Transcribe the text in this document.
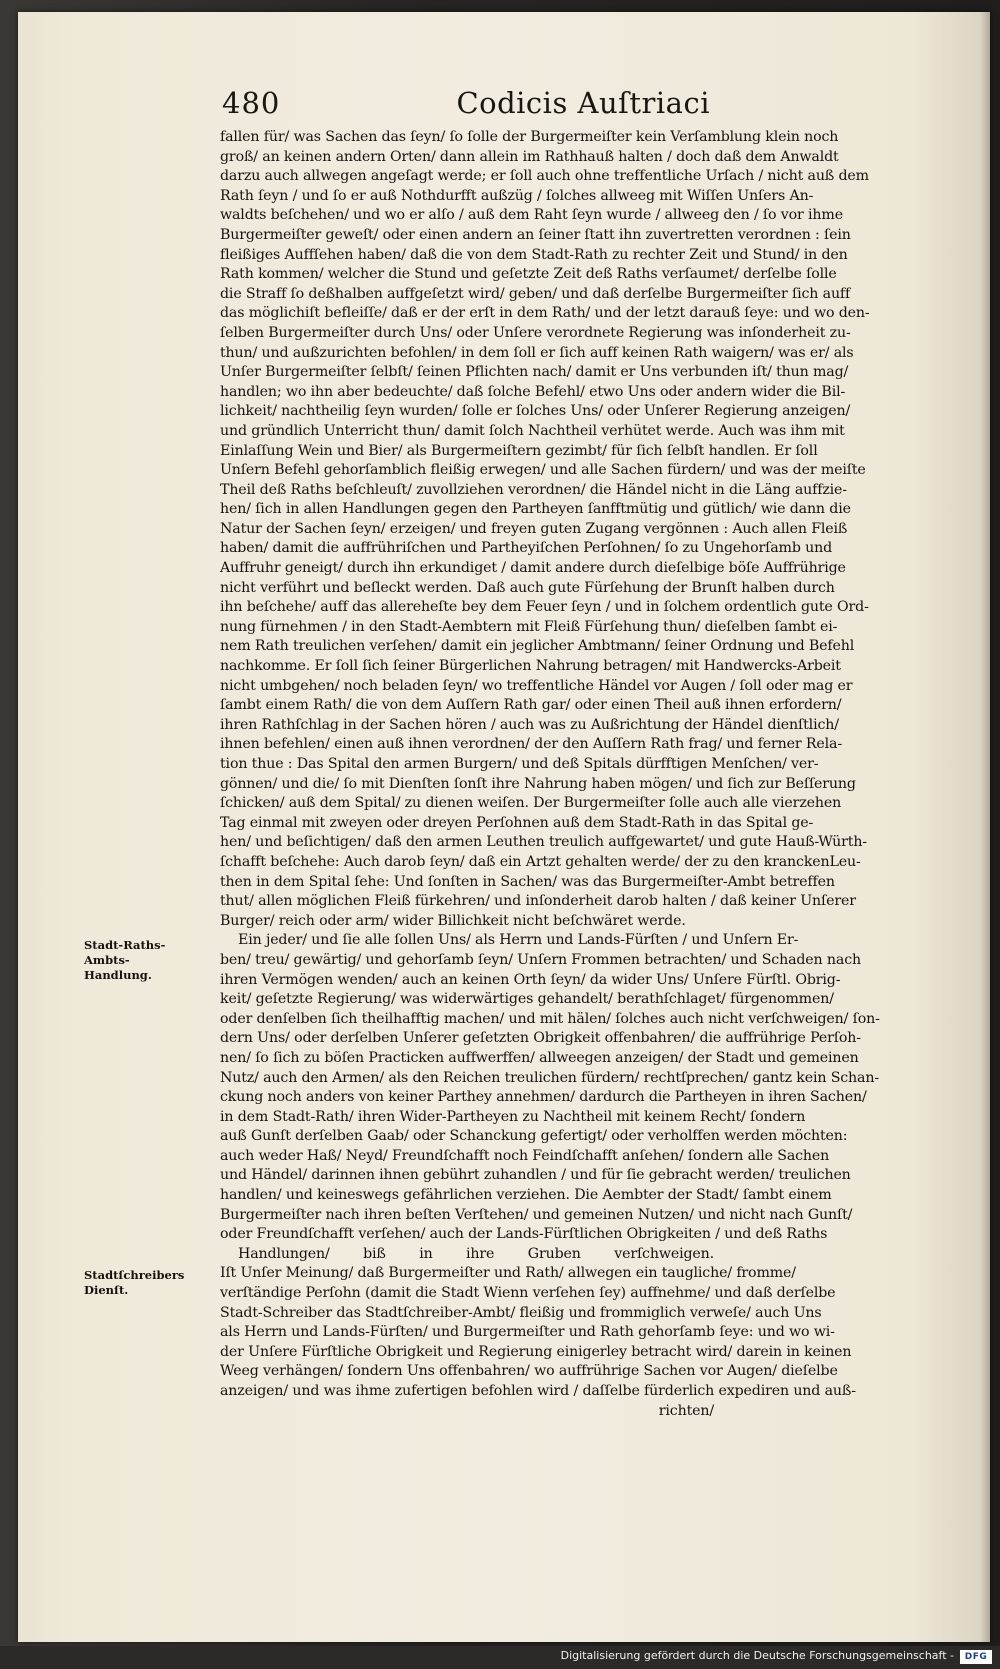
480	Codicis Auſtriaci
Stadt-Raths-Ambts-
Handlung.
Stadtſchreibers
Dienſt.
fallen für/ was Sachen das ſeyn/ ſo ſolle der Burgermeiſter kein Verſamblung klein noch
groß/ an keinen andern Orten/ dann allein im Rathhauß halten / doch daß dem Anwaldt
darzu auch allwegen angeſagt werde; er ſoll auch ohne treffentliche Urſach / nicht auß dem
Rath ſeyn / und ſo er auß Nothdurfft außzüg / ſolches allweeg mit Wiſſen Unſers An-
waldts beſchehen/ und wo er alſo / auß dem Raht ſeyn wurde / allweeg den / ſo vor ihme
Burgermeiſter geweſt/ oder einen andern an ſeiner ſtatt ihn zuvertretten verordnen : ſein
fleißiges Auffſehen haben/ daß die von dem Stadt-Rath zu rechter Zeit und Stund/ in den
Rath kommen/ welcher die Stund und geſetzte Zeit deß Raths verſaumet/ derſelbe ſolle
die Straff ſo deßhalben auffgeſetzt wird/ geben/ und daß derſelbe Burgermeiſter ſich auff
das möglichiſt befleiſſe/ daß er der erſt in dem Rath/ und der letzt darauß ſeye: und wo den-
ſelben Burgermeiſter durch Uns/ oder Unſere verordnete Regierung was inſonderheit zu-
thun/ und außzurichten befohlen/ in dem ſoll er ſich auff keinen Rath waigern/ was er/ als
Unſer Burgermeiſter ſelbſt/ ſeinen Pflichten nach/ damit er Uns verbunden iſt/ thun mag/
handlen; wo ihn aber bedeuchte/ daß ſolche Befehl/ etwo Uns oder andern wider die Bil-
lichkeit/ nachtheilig ſeyn wurden/ ſolle er ſolches Uns/ oder Unſerer Regierung anzeigen/
und gründlich Unterricht thun/ damit ſolch Nachtheil verhütet werde. Auch was ihm mit
Einlaſſung Wein und Bier/ als Burgermeiſtern gezimbt/ für ſich ſelbſt handlen. Er ſoll
Unſern Befehl gehorſamblich fleißig erwegen/ und alle Sachen fürdern/ und was der meiſte
Theil deß Raths beſchleuſt/ zuvollziehen verordnen/ die Händel nicht in die Läng auffzie-
hen/ ſich in allen Handlungen gegen den Partheyen ſanfftmütig und gütlich/ wie dann die
Natur der Sachen ſeyn/ erzeigen/ und freyen guten Zugang vergönnen : Auch allen Fleiß
haben/ damit die auffrühriſchen und Partheyiſchen Perſohnen/ ſo zu Ungehorſamb und
Auffruhr geneigt/ durch ihn erkundiget / damit andere durch dieſelbige böſe Auffrührige
nicht verführt und beſleckt werden. Daß auch gute Fürſehung der Brunſt halben durch
ihn beſchehe/ auff das allereheſte bey dem Feuer ſeyn / und in ſolchem ordentlich gute Ord-
nung fürnehmen / in den Stadt-Aembtern mit Fleiß Fürſehung thun/ dieſelben ſambt ei-
nem Rath treulichen verſehen/ damit ein jeglicher Ambtmann/ ſeiner Ordnung und Befehl
nachkomme. Er ſoll ſich ſeiner Bürgerlichen Nahrung betragen/ mit Handwercks-Arbeit
nicht umbgehen/ noch beladen ſeyn/ wo treffentliche Händel vor Augen / ſoll oder mag er
ſambt einem Rath/ die von dem Auſſern Rath gar/ oder einen Theil auß ihnen erfordern/
ihren Rathſchlag in der Sachen hören / auch was zu Außrichtung der Händel dienſtlich/
ihnen befehlen/ einen auß ihnen verordnen/ der den Auſſern Rath frag/ und ferner Rela-
tion thue : Das Spital den armen Burgern/ und deß Spitals dürfftigen Menſchen/ ver-
gönnen/ und die/ ſo mit Dienſten ſonſt ihre Nahrung haben mögen/ und ſich zur Beſſerung
ſchicken/ auß dem Spital/ zu dienen weiſen. Der Burgermeiſter ſolle auch alle vierzehen
Tag einmal mit zweyen oder dreyen Perſohnen auß dem Stadt-Rath in das Spital ge-
hen/ und beſichtigen/ daß den armen Leuthen treulich auffgewartet/ und gute Hauß-Würth-
ſchafft beſchehe: Auch darob ſeyn/ daß ein Artzt gehalten werde/ der zu den kranckenLeu-
then in dem Spital ſehe: Und ſonſten in Sachen/ was das Burgermeiſter-Ambt betreffen
thut/ allen möglichen Fleiß fürkehren/ und inſonderheit darob halten / daß keiner Unſerer
Burger/ reich oder arm/ wider Billichkeit nicht beſchwäret werde.
Ein jeder/ und ſie alle ſollen Uns/ als Herrn und Lands-Fürſten / und Unſern Er-
ben/ treu/ gewärtig/ und gehorſamb ſeyn/ Unſern Frommen betrachten/ und Schaden nach
ihren Vermögen wenden/ auch an keinen Orth ſeyn/ da wider Uns/ Unſere Fürſtl. Obrig-
keit/ geſetzte Regierung/ was widerwärtiges gehandelt/ berathſchlaget/ fürgenommen/
oder denſelben ſich theilhafftig machen/ und mit hälen/ ſolches auch nicht verſchweigen/ ſon-
dern Uns/ oder derſelben Unſerer geſetzten Obrigkeit offenbahren/ die auffrührige Perſoh-
nen/ ſo ſich zu böſen Practicken auffwerffen/ allweegen anzeigen/ der Stadt und gemeinen
Nutz/ auch den Armen/ als den Reichen treulichen fürdern/ rechtſprechen/ gantz kein Schan-
ckung noch anders von keiner Parthey annehmen/ dardurch die Partheyen in ihren Sachen/
in dem Stadt-Rath/ ihren Wider-Partheyen zu Nachtheil mit keinem Recht/ ſondern
auß Gunſt derſelben Gaab/ oder Schanckung gefertigt/ oder verholffen werden möchten:
auch weder Haß/ Neyd/ Freundſchafft noch Feindſchafft anſehen/ ſondern alle Sachen
und Händel/ darinnen ihnen gebührt zuhandlen / und für ſie gebracht werden/ treulichen
handlen/ und keineswegs gefährlichen verziehen. Die Aembter der Stadt/ ſambt einem
Burgermeiſter nach ihren beſten Verſtehen/ und gemeinen Nutzen/ und nicht nach Gunſt/
oder Freundſchafft verſehen/ auch der Lands-Fürſtlichen Obrigkeiten / und deß Raths
Handlungen/ biß in ihre Gruben verſchweigen.
Iſt Unſer Meinung/ daß Burgermeiſter und Rath/ allwegen ein taugliche/ fromme/
verſtändige Perſohn (damit die Stadt Wienn verſehen ſey) auffnehme/ und daß derſelbe
Stadt-Schreiber das Stadtſchreiber-Ambt/ fleißig und frommiglich verweſe/ auch Uns
als Herrn und Lands-Fürſten/ und Burgermeiſter und Rath gehorſamb ſeye: und wo wi-
der Unſere Fürſtliche Obrigkeit und Regierung einigerley betracht wird/ darein in keinen
Weeg verhängen/ ſondern Uns offenbahren/ wo auffrührige Sachen vor Augen/ dieſelbe
anzeigen/ und was ihme zufertigen befohlen wird / daſſelbe fürderlich expediren und auß-
richten/
Digitalisierung gefördert durch die Deutsche Forschungsgemeinschaft -	DFG
